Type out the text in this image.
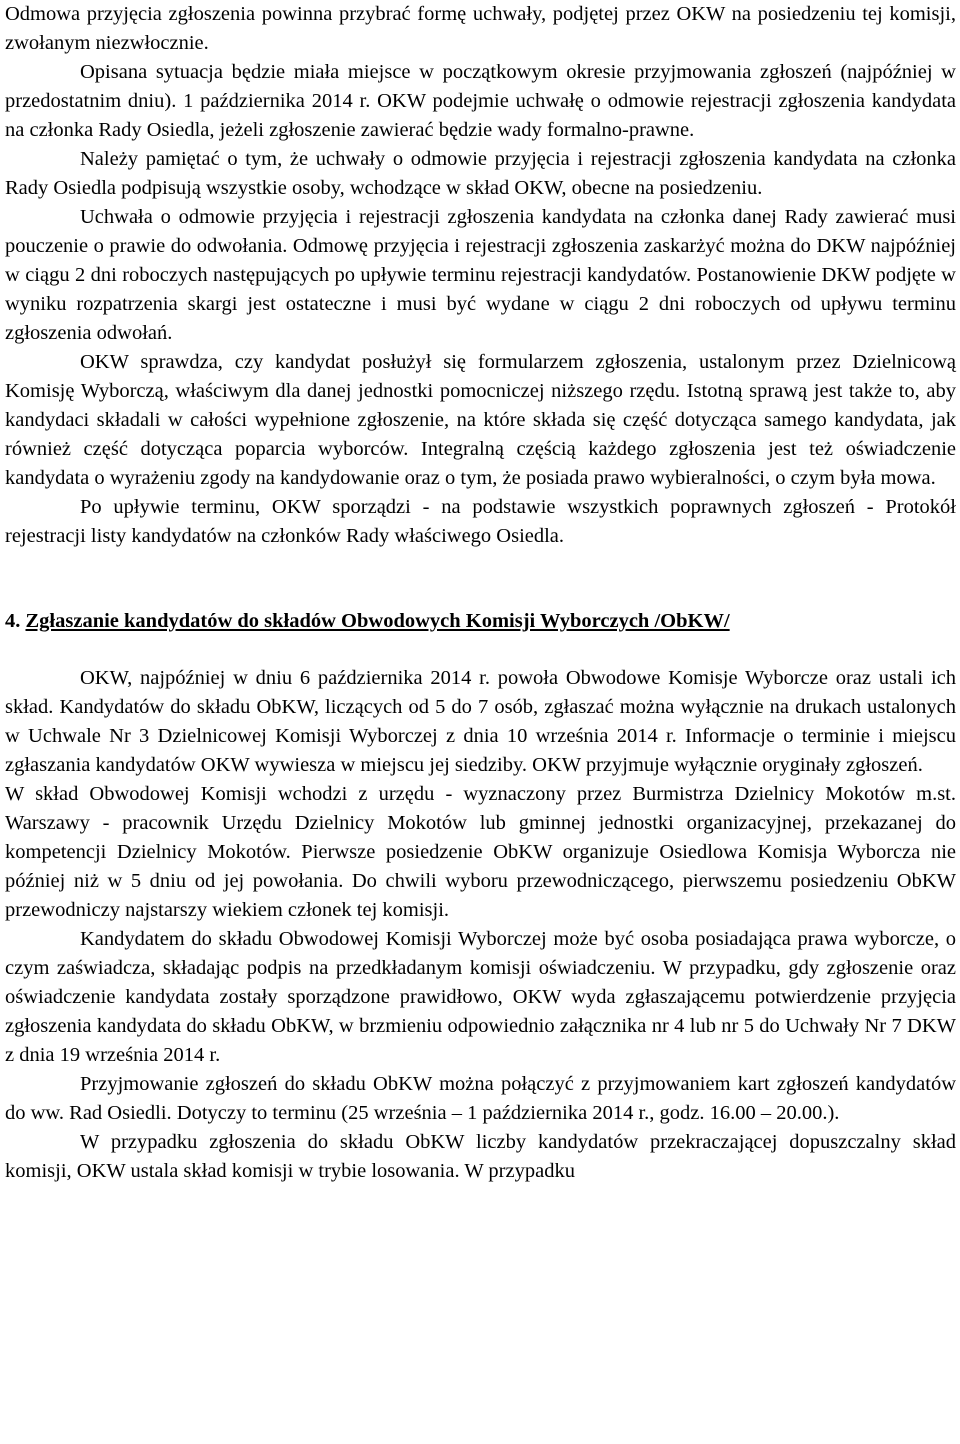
Odmowa przyjęcia zgłoszenia powinna przybrać formę uchwały, podjętej przez OKW na posiedzeniu tej komisji, zwołanym niezwłocznie.

Opisana sytuacja będzie miała miejsce w początkowym okresie przyjmowania zgłoszeń (najpóźniej w przedostatnim dniu). 1 października 2014 r. OKW podejmie uchwałę o odmowie rejestracji zgłoszenia kandydata na członka Rady Osiedla, jeżeli zgłoszenie zawierać będzie wady formalno-prawne.

Należy pamiętać o tym, że uchwały o odmowie przyjęcia i rejestracji zgłoszenia kandydata na członka Rady Osiedla podpisują wszystkie osoby, wchodzące w skład OKW, obecne na posiedzeniu.

Uchwała o odmowie przyjęcia i rejestracji zgłoszenia kandydata na członka danej Rady zawierać musi pouczenie o prawie do odwołania. Odmowę przyjęcia i rejestracji zgłoszenia zaskarżyć można do DKW najpóźniej w ciągu 2 dni roboczych następujących po upływie terminu rejestracji kandydatów. Postanowienie DKW podjęte w wyniku rozpatrzenia skargi jest ostateczne i musi być wydane w ciągu 2 dni roboczych od upływu terminu zgłoszenia odwołań.

OKW sprawdza, czy kandydat posłużył się formularzem zgłoszenia, ustalonym przez Dzielnicową Komisję Wyborczą, właściwym dla danej jednostki pomocniczej niższego rzędu. Istotną sprawą jest także to, aby kandydaci składali w całości wypełnione zgłoszenie, na które składa się część dotycząca samego kandydata, jak również część dotycząca poparcia wyborców. Integralną częścią każdego zgłoszenia jest też oświadczenie kandydata o wyrażeniu zgody na kandydowanie oraz o tym, że posiada prawo wybieralności, o czym była mowa.

Po upływie terminu, OKW sporządzi - na podstawie wszystkich poprawnych zgłoszeń - Protokół rejestracji listy kandydatów na członków Rady właściwego Osiedla.

4. Zgłaszanie kandydatów do składów Obwodowych Komisji Wyborczych /ObKW/

OKW, najpóźniej w dniu 6 października 2014 r. powoła Obwodowe Komisje Wyborcze oraz ustali ich skład. Kandydatów do składu ObKW, liczących od 5 do 7 osób, zgłaszać można wyłącznie na drukach ustalonych w Uchwale Nr 3 Dzielnicowej Komisji Wyborczej z dnia 10 września 2014 r. Informacje o terminie i miejscu zgłaszania kandydatów OKW wywiesza w miejscu jej siedziby. OKW przyjmuje wyłącznie oryginały zgłoszeń.

W skład Obwodowej Komisji wchodzi z urzędu - wyznaczony przez Burmistrza Dzielnicy Mokotów m.st. Warszawy - pracownik Urzędu Dzielnicy Mokotów lub gminnej jednostki organizacyjnej, przekazanej do kompetencji Dzielnicy Mokotów. Pierwsze posiedzenie ObKW organizuje Osiedlowa Komisja Wyborcza nie później niż w 5 dniu od jej powołania. Do chwili wyboru przewodniczącego, pierwszemu posiedzeniu ObKW przewodniczy najstarszy wiekiem członek tej komisji.

Kandydatem do składu Obwodowej Komisji Wyborczej może być osoba posiadająca prawa wyborcze, o czym zaświadcza, składając podpis na przedkładanym komisji oświadczeniu. W przypadku, gdy zgłoszenie oraz oświadczenie kandydata zostały sporządzone prawidłowo, OKW wyda zgłaszającemu potwierdzenie przyjęcia zgłoszenia kandydata do składu ObKW, w brzmieniu odpowiednio załącznika nr 4 lub nr 5 do Uchwały Nr 7 DKW z dnia 19 września 2014 r.

Przyjmowanie zgłoszeń do składu ObKW można połączyć z przyjmowaniem kart zgłoszeń kandydatów do ww. Rad Osiedli. Dotyczy to terminu (25 września – 1 października 2014 r., godz. 16.00 – 20.00.).

W przypadku zgłoszenia do składu ObKW liczby kandydatów przekraczającej dopuszczalny skład komisji, OKW ustala skład komisji w trybie losowania. W przypadku
